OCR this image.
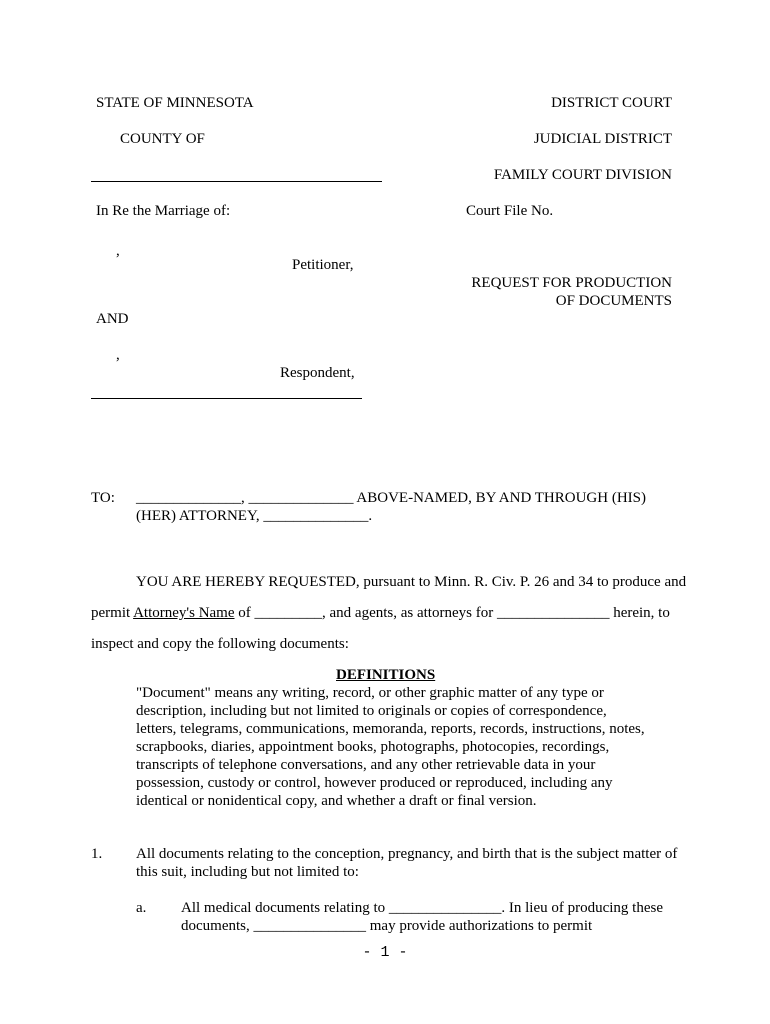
STATE OF MINNESOTA
COUNTY OF
DISTRICT COURT
JUDICIAL DISTRICT
FAMILY COURT DIVISION
In Re the Marriage of:	Court File No.
,
Petitioner,
REQUEST FOR PRODUCTION
OF DOCUMENTS
AND
,
Respondent,
TO: ______________, ______________ ABOVE-NAMED, BY AND THROUGH (HIS)
(HER) ATTORNEY, ______________.
YOU ARE HEREBY REQUESTED, pursuant to Minn. R. Civ. P. 26 and 34 to produce and
permit Attorney's Name of _________, and agents, as attorneys for _______________ herein, to
inspect and copy the following documents:
DEFINITIONS
"Document" means any writing, record, or other graphic matter of any type or
description, including but not limited to originals or copies of correspondence,
letters, telegrams, communications, memoranda, reports, records, instructions, notes,
scrapbooks, diaries, appointment books, photographs, photocopies, recordings,
transcripts of telephone conversations, and any other retrievable data in your
possession, custody or control, however produced or reproduced, including any
identical or nonidentical copy, and whether a draft or final version.
1. All documents relating to the conception, pregnancy, and birth that is the subject matter of
this suit, including but not limited to:
a. All medical documents relating to _______________. In lieu of producing these
documents, _______________ may provide authorizations to permit
- 1 -
